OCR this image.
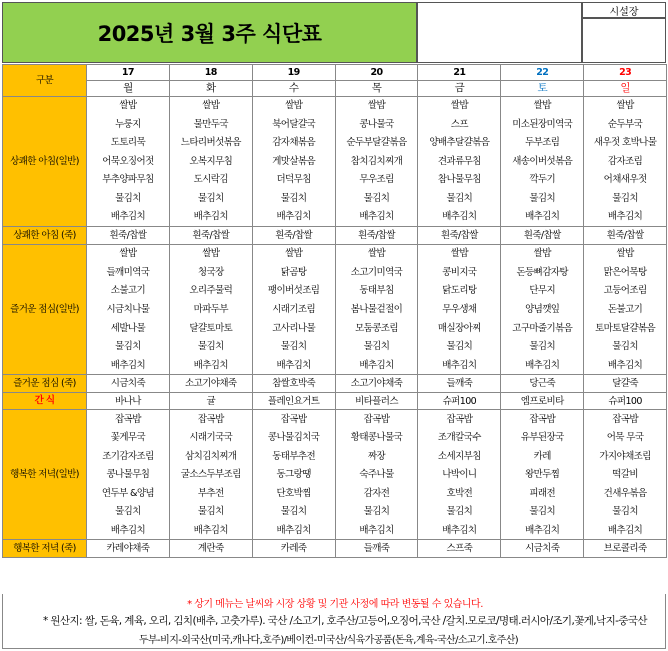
2025년 3월 3주 식단표
시설장
구분	17	18	19	20	21	22	23
	월	화	수	목	금	토	일
상쾌한 아침(일반)	쌀밥	쌀밥	쌀밥	쌀밥	쌀밥	쌀밥	쌀밥
	누룽지	물만두국	북어달걀국	콩나물국	스프	미소된장미역국	순두부국
	도토리묵	느타리버섯볶음	감자채볶음	순두부달걀볶음	양배추달걀볶음	두부조림	새우젓 호박나물
	어묵오징어젓	오복지무침	게맛살볶음	참치김치찌개	견과류무침	새송이버섯볶음	감자조림
	부추양파무침	도시락김	더덕무침	무우조림	참나물무침	깍두기	어채새우젓
	물김치	물김치	물김치	물김치	물김치	물김치	물김치
	배추김치	배추김치	배추김치	배추김치	배추김치	배추김치	배추김치
상쾌한 아침 (죽)	흰죽/찹쌀	흰죽/찹쌀	흰죽/찹쌀	흰죽/찹쌀	흰죽/찹쌀	흰죽/찹쌀	흰죽/찹쌀
즐거운 점심(일반)	쌀밥	쌀밥	쌀밥	쌀밥	쌀밥	쌀밥	쌀밥
	들깨미역국	청국장	닭곰탕	소고기미역국	콩비지국	돈등뼈감자탕	맑은어묵탕
	소불고기	오리주물럭	팽이버섯조림	동태부침	닭도리탕	단무지	고등어조림
	시금치나물	마파두부	시래기조림	봄나물겉절이	무우생채	양념깻잎	돈불고기
	세발나물	달걀토마토	고사리나물	모둠콩조림	매실장아찌	고구마줄기볶음	토마토달걀볶음
	물김치	물김치	물김치	물김치	물김치	물김치	물김치
	배추김치	배추김치	배추김치	배추김치	배추김치	배추김치	배추김치
즐거운 점심 (죽)	시금치죽	소고기야채죽	참쌀호박죽	소고기야채죽	들깨죽	당근죽	달걀죽
간 식	바나나	귤	플레인요거트	비타플러스	슈퍼100	엠프로비타	슈퍼100
행복한 저녁(일반)	잡곡밥	잡곡밥	잡곡밥	잡곡밥	잡곡밥	잡곡밥	잡곡밥
	꽃게무국	시래기국국	콩나물김치국	황태콩나물국	조개칼국수	유부된장국	어묵 무국
	조기감자조림	삼치김치찌개	동태부추전	짜장	소세지부침	카레	가지야채조림
	콩나물무침	굴소스두부조림	동그랑땡	숙주나물	나박이니	왕만두찜	떡갈비
	연두부 &양념	부추전	단호박찜	감자전	호박전	피래전	건새우볶음
	물김치	물김치	물김치	물김치	물김치	물김치	물김치
	배추김치	배추김치	배추김치	배추김치	배추김치	배추김치	배추김치
행복한 저녁 (죽)	카레야채죽	계란죽	카레죽	들깨죽	스프죽	시금치죽	브로콜리죽
* 상기 메뉴는 날씨와 시장 상황 및 기관 사정에 따라 변동될 수 있습니다.
* 원산지: 쌀, 돈육, 계육, 오리, 김치(배추, 고춧가루). 국산 /소고기, 호주산/고등어,오징어,국산 /갈치.모로코/명태.러시아/조기,꽃게,낙지-중국산
두부-비지-외국산(미국,캐나다,호주)/베이컨-미국산/식육가공품(돈육,계육-국산/소고기.호주산)
